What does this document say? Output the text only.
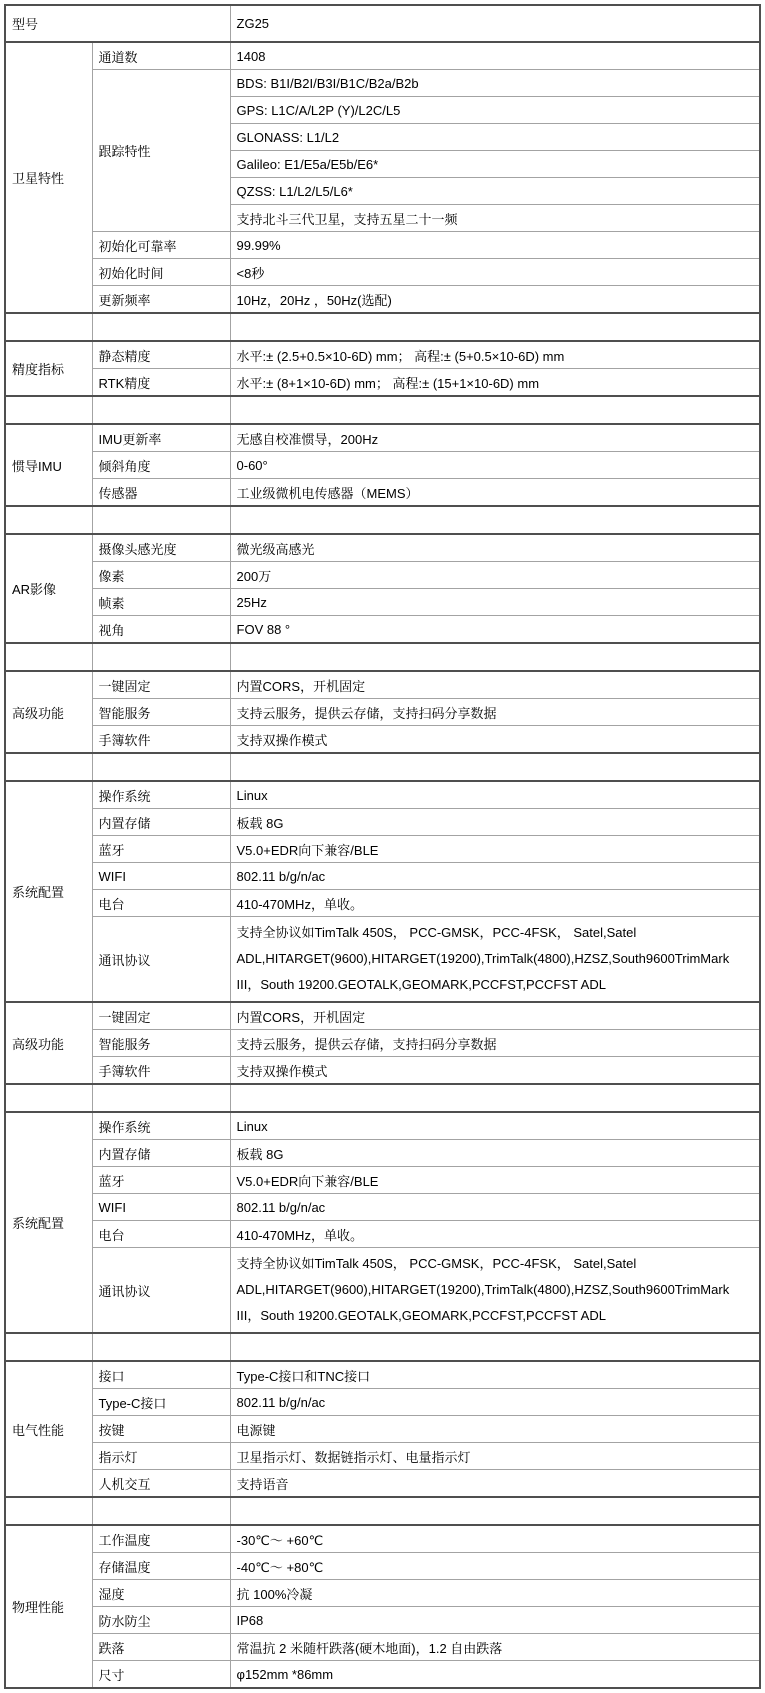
型号		ZG25
卫星特性	通道数	1408
	跟踪特性	BDS: B1I/B2I/B3I/B1C/B2a/B2b
		GPS: L1C/A/L2P (Y)/L2C/L5
		GLONASS: L1/L2
		Galileo: E1/E5a/E5b/E6*
		QZSS: L1/L2/L5/L6*
		支持北斗三代卫星，支持五星二十一频
	初始化可靠率	99.99%
	初始化时间	<8秒
	更新频率	10Hz，20Hz ，50Hz(选配)

精度指标	静态精度	水平:± (2.5+0.5×10-6D) mm； 高程:± (5+0.5×10-6D) mm
	RTK精度	水平:± (8+1×10-6D) mm； 高程:± (15+1×10-6D) mm

惯导IMU	IMU更新率	无感自校准惯导，200Hz
	倾斜角度	0-60°
	传感器	工业级微机电传感器（MEMS）

AR影像	摄像头感光度	微光级高感光
	像素	200万
	帧素	25Hz
	视角	FOV 88 °

高级功能	一键固定	内置CORS，开机固定
	智能服务	支持云服务，提供云存储，支持扫码分享数据
	手簿软件	支持双操作模式

系统配置	操作系统	Linux
	内置存储	板载 8G
	蓝牙	V5.0+EDR向下兼容/BLE
	WIFI	802.11 b/g/n/ac
	电台	410-470MHz，单收。
	通讯协议	支持全协议如TimTalk 450S， PCC-GMSK，PCC-4FSK， Satel,Satel ADL,HITARGET(9600),HITARGET(19200),TrimTalk(4800),HZSZ,South9600TrimMark III，South 19200.GEOTALK,GEOMARK,PCCFST,PCCFST ADL
高级功能	一键固定	内置CORS，开机固定
	智能服务	支持云服务，提供云存储，支持扫码分享数据
	手簿软件	支持双操作模式

系统配置	操作系统	Linux
	内置存储	板载 8G
	蓝牙	V5.0+EDR向下兼容/BLE
	WIFI	802.11 b/g/n/ac
	电台	410-470MHz，单收。
	通讯协议	支持全协议如TimTalk 450S， PCC-GMSK，PCC-4FSK， Satel,Satel ADL,HITARGET(9600),HITARGET(19200),TrimTalk(4800),HZSZ,South9600TrimMark III，South 19200.GEOTALK,GEOMARK,PCCFST,PCCFST ADL

电气性能	接口	Type-C接口和TNC接口
	Type-C接口	802.11 b/g/n/ac
	按键	电源键
	指示灯	卫星指示灯、数据链指示灯、电量指示灯
	人机交互	支持语音

物理性能	工作温度	-30℃～ +60℃
	存储温度	-40℃～ +80℃
	湿度	抗 100%冷凝
	防水防尘	IP68
	跌落	常温抗 2 米随杆跌落(硬木地面)，1.2 自由跌落
	尺寸	φ152mm *86mm
